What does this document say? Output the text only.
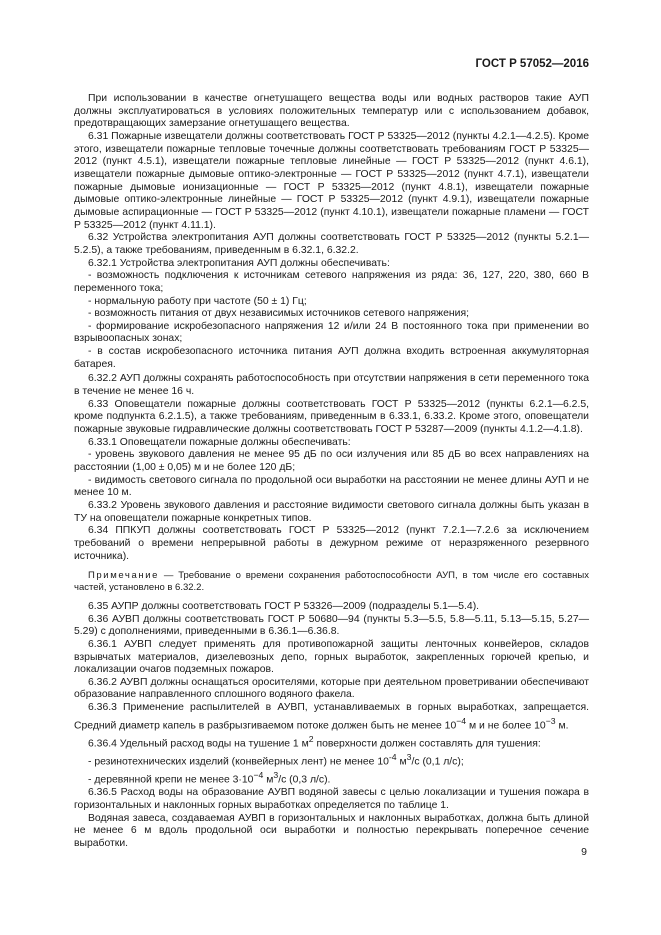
ГОСТ Р 57052—2016

При использовании в качестве огнетушащего вещества воды или водных растворов такие АУП должны эксплуатироваться в условиях положительных температур или с использованием добавок, предотвращающих замерзание огнетушащего вещества.

6.31 Пожарные извещатели должны соответствовать ГОСТ Р 53325—2012 (пункты 4.2.1—4.2.5). Кроме этого, извещатели пожарные тепловые точечные должны соответствовать требованиям ГОСТ Р 53325—2012 (пункт 4.5.1), извещатели пожарные тепловые линейные — ГОСТ Р 53325—2012 (пункт 4.6.1), извещатели пожарные дымовые оптико-электронные — ГОСТ Р 53325—2012 (пункт 4.7.1), извещатели пожарные дымовые ионизационные — ГОСТ Р 53325—2012 (пункт 4.8.1), извещатели пожарные дымовые оптико-электронные линейные — ГОСТ Р 53325—2012 (пункт 4.9.1), извещатели пожарные дымовые аспирационные — ГОСТ Р 53325—2012 (пункт 4.10.1), извещатели пожарные пламени — ГОСТ Р 53325—2012 (пункт 4.11.1).

6.32 Устройства электропитания АУП должны соответствовать ГОСТ Р 53325—2012 (пункты 5.2.1—5.2.5), а также требованиям, приведенным в 6.32.1, 6.32.2.

6.32.1 Устройства электропитания АУП должны обеспечивать:

- возможность подключения к источникам сетевого напряжения из ряда: 36, 127, 220, 380, 660 В переменного тока;

- нормальную работу при частоте (50 ± 1) Гц;

- возможность питания от двух независимых источников сетевого напряжения;

- формирование искробезопасного напряжения 12 и/или 24 В постоянного тока при применении во взрывоопасных зонах;

- в состав искробезопасного источника питания АУП должна входить встроенная аккумуляторная батарея.

6.32.2 АУП должны сохранять работоспособность при отсутствии напряжения в сети переменного тока в течение не менее 16 ч.

6.33 Оповещатели пожарные должны соответствовать ГОСТ Р 53325—2012 (пункты 6.2.1—6.2.5, кроме подпункта 6.2.1.5), а также требованиям, приведенным в 6.33.1, 6.33.2. Кроме этого, оповещатели пожарные звуковые гидравлические должны соответствовать ГОСТ Р 53287—2009 (пункты 4.1.2—4.1.8).

6.33.1 Оповещатели пожарные должны обеспечивать:

- уровень звукового давления не менее 95 дБ по оси излучения или 85 дБ во всех направлениях на расстоянии (1,00 ± 0,05) м и не более 120 дБ;

- видимость светового сигнала по продольной оси выработки на расстоянии не менее длины АУП и не менее 10 м.

6.33.2 Уровень звукового давления и расстояние видимости светового сигнала должны быть указан в ТУ на оповещатели пожарные конкретных типов.

6.34 ППКУП должны соответствовать ГОСТ Р 53325—2012 (пункт 7.2.1—7.2.6 за исключением требований о времени непрерывной работы в дежурном режиме от неразряженного резервного источника).

Примечание — Требование о времени сохранения работоспособности АУП, в том числе его составных частей, установлено в 6.32.2.

6.35 АУПР должны соответствовать ГОСТ Р 53326—2009 (подразделы 5.1—5.4).

6.36 АУВП должны соответствовать ГОСТ Р 50680—94 (пункты 5.3—5.5, 5.8—5.11, 5.13—5.15, 5.27—5.29) с дополнениями, приведенными в 6.36.1—6.36.8.

6.36.1 АУВП следует применять для противопожарной защиты ленточных конвейеров, складов взрывчатых материалов, дизелевозных депо, горных выработок, закрепленных горючей крепью, и локализации очагов подземных пожаров.

6.36.2 АУВП должны оснащаться оросителями, которые при деятельном проветривании обеспечивают образование направленного сплошного водяного факела.

6.36.3 Применение распылителей в АУВП, устанавливаемых в горных выработках, запрещается. Средний диаметр капель в разбрызгиваемом потоке должен быть не менее $10^{-4}$ м и не более $10^{-3}$ м.

6.36.4 Удельный расход воды на тушение 1 $м^2$ поверхности должен составлять для тушения:

- резинотехнических изделий (конвейерных лент) не менее $10^{-4}$ $м^3/с$ (0,1 л/с);

- деревянной крепи не менее $3\cdot 10^{-4}$ $м^3/с$ (0,3 л/с).

6.36.5 Расход воды на образование АУВП водяной завесы с целью локализации и тушения пожара в горизонтальных и наклонных горных выработках определяется по таблице 1.

Водяная завеса, создаваемая АУВП в горизонтальных и наклонных выработках, должна быть длиной не менее 6 м вдоль продольной оси выработки и полностью перекрывать поперечное сечение выработки.

9
